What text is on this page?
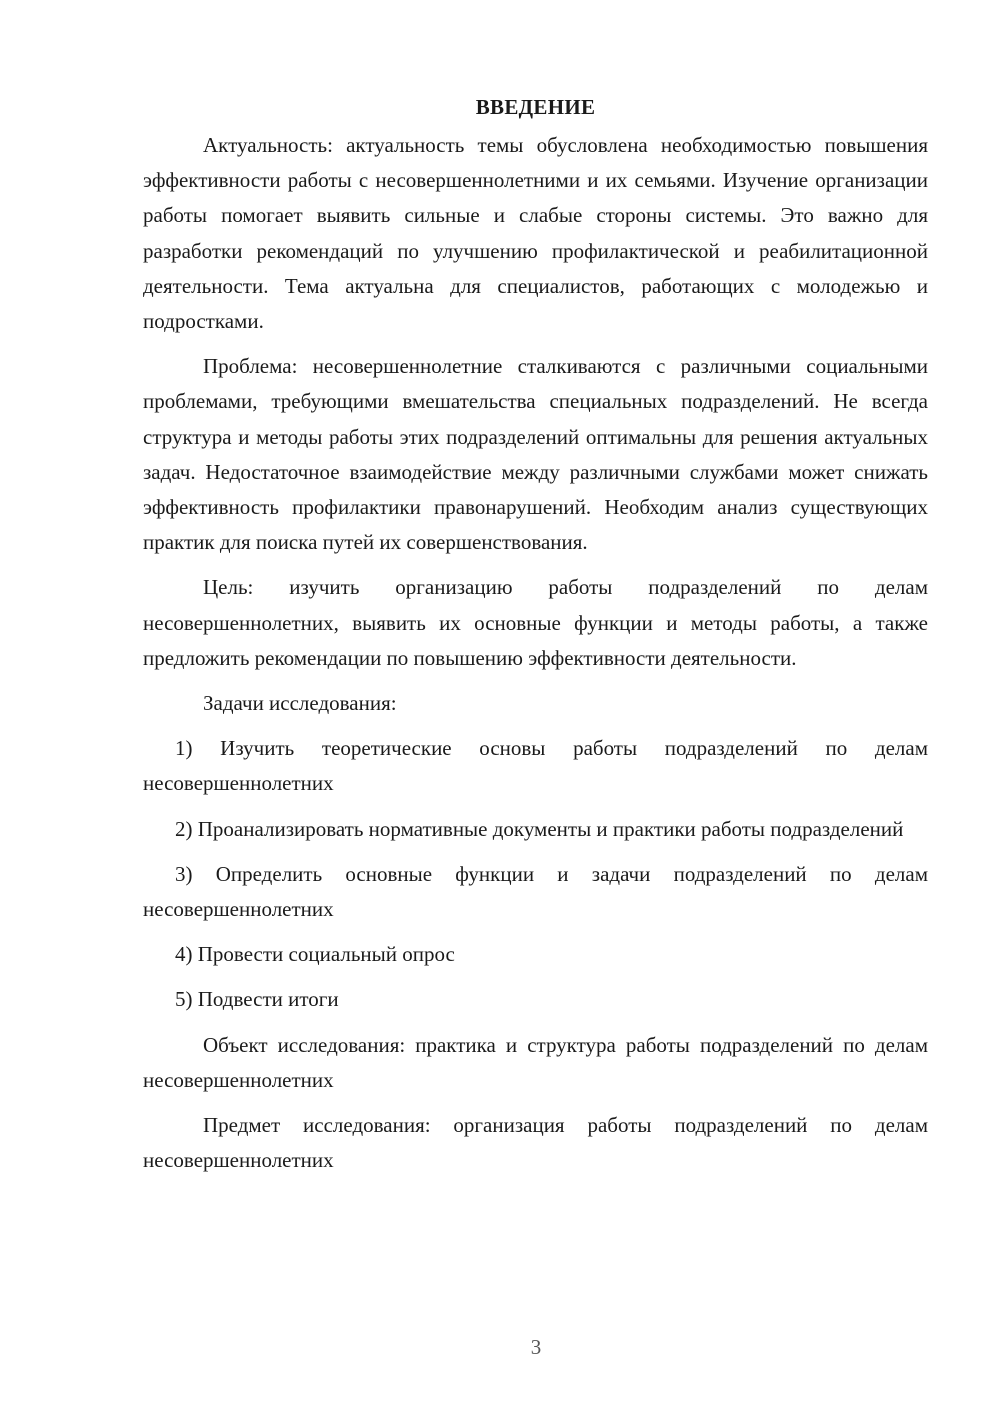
ВВЕДЕНИЕ

Актуальность: актуальность темы обусловлена необходимостью повышения эффективности работы с несовершеннолетними и их семьями. Изучение организации работы помогает выявить сильные и слабые стороны системы. Это важно для разработки рекомендаций по улучшению профилактической и реабилитационной деятельности. Тема актуальна для специалистов, работающих с молодежью и подростками.

Проблема: несовершеннолетние сталкиваются с различными социальными проблемами, требующими вмешательства специальных подразделений. Не всегда структура и методы работы этих подразделений оптимальны для решения актуальных задач. Недостаточное взаимодействие между различными службами может снижать эффективность профилактики правонарушений. Необходим анализ существующих практик для поиска путей их совершенствования.

Цель: изучить организацию работы подразделений по делам несовершеннолетних, выявить их основные функции и методы работы, а также предложить рекомендации по повышению эффективности деятельности.

Задачи исследования:

1) Изучить теоретические основы работы подразделений по делам несовершеннолетних

2) Проанализировать нормативные документы и практики работы подразделений

3) Определить основные функции и задачи подразделений по делам несовершеннолетних

4) Провести социальный опрос

5) Подвести итоги

Объект исследования: практика и структура работы подразделений по делам несовершеннолетних

Предмет исследования: организация работы подразделений по делам несовершеннолетних

3
